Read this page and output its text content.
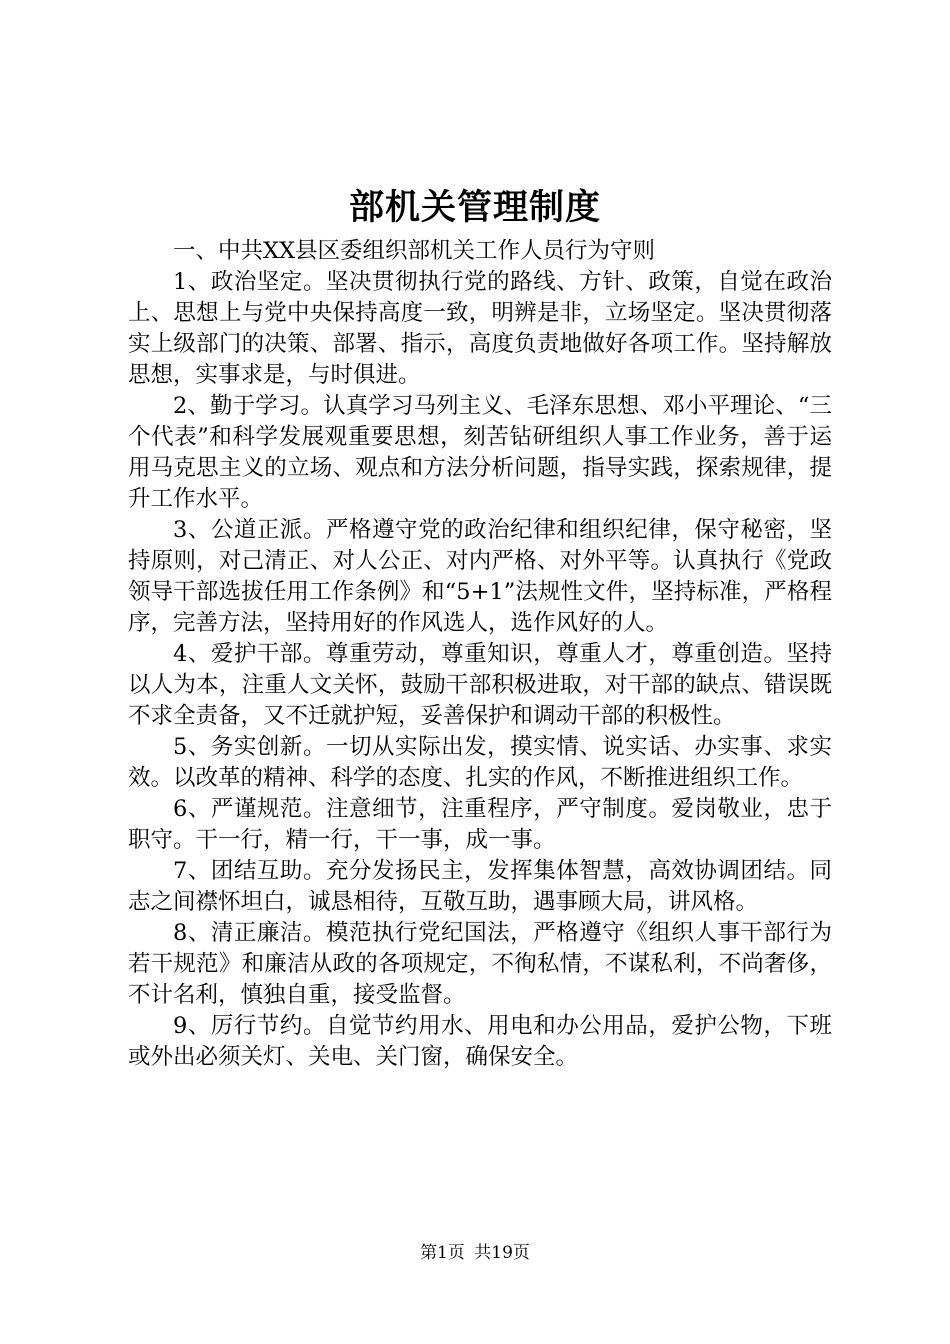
部机关管理制度

一、中共XX县区委组织部机关工作人员行为守则

1、政治坚定。坚决贯彻执行党的路线、方针、政策，自觉在政治上、思想上与党中央保持高度一致，明辨是非，立场坚定。坚决贯彻落实上级部门的决策、部署、指示，高度负责地做好各项工作。坚持解放思想，实事求是，与时俱进。

2、勤于学习。认真学习马列主义、毛泽东思想、邓小平理论、“三个代表”和科学发展观重要思想，刻苦钻研组织人事工作业务，善于运用马克思主义的立场、观点和方法分析问题，指导实践，探索规律，提升工作水平。

3、公道正派。严格遵守党的政治纪律和组织纪律，保守秘密，坚持原则，对己清正、对人公正、对内严格、对外平等。认真执行《党政领导干部选拔任用工作条例》和“5+1”法规性文件，坚持标准，严格程序，完善方法，坚持用好的作风选人，选作风好的人。

4、爱护干部。尊重劳动，尊重知识，尊重人才，尊重创造。坚持以人为本，注重人文关怀，鼓励干部积极进取，对干部的缺点、错误既不求全责备，又不迁就护短，妥善保护和调动干部的积极性。

5、务实创新。一切从实际出发，摸实情、说实话、办实事、求实效。以改革的精神、科学的态度、扎实的作风，不断推进组织工作。

6、严谨规范。注意细节，注重程序，严守制度。爱岗敬业，忠于职守。干一行，精一行，干一事，成一事。

7、团结互助。充分发扬民主，发挥集体智慧，高效协调团结。同志之间襟怀坦白，诚恳相待，互敬互助，遇事顾大局，讲风格。

8、清正廉洁。模范执行党纪国法，严格遵守《组织人事干部行为若干规范》和廉洁从政的各项规定，不徇私情，不谋私利，不尚奢侈，不计名利，慎独自重，接受监督。

9、厉行节约。自觉节约用水、用电和办公用品，爱护公物，下班或外出必须关灯、关电、关门窗，确保安全。

第1页 共19页
